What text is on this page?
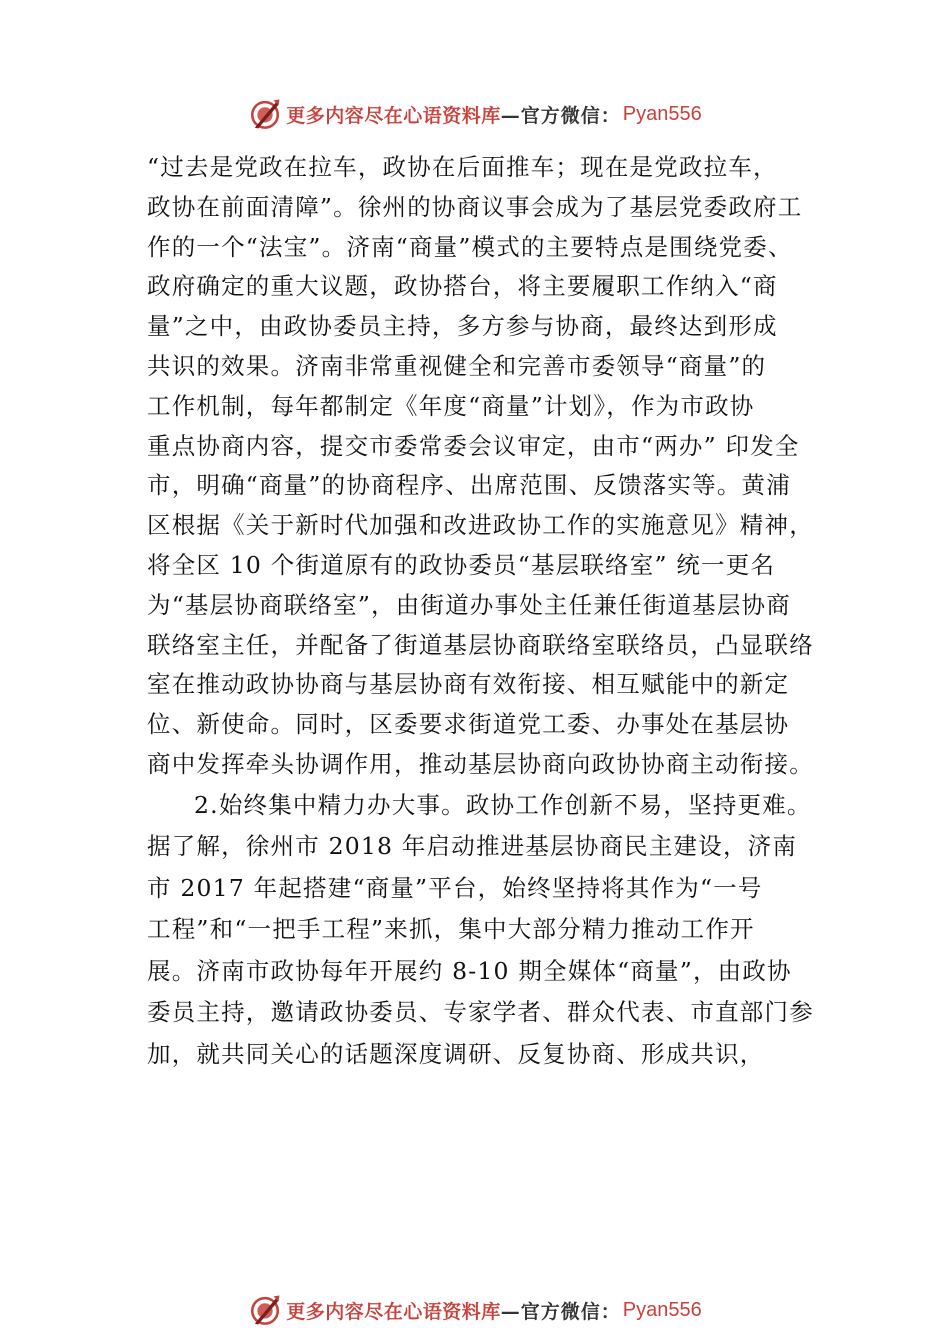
更多内容尽在心语资料库 —官方微信： Pyan556
“过去是党政在拉车，政协在后面推车；现在是党政拉车，
政协在前面清障”。徐州的协商议事会成为了基层党委政府工
作的一个“法宝”。济南“商量”模式的主要特点是围绕党委、
政府确定的重大议题，政协搭台，将主要履职工作纳入“商
量”之中，由政协委员主持，多方参与协商，最终达到形成
共识的效果。济南非常重视健全和完善市委领导“商量”的
工作机制，每年都制定《年度“商量”计划》，作为市政协
重点协商内容，提交市委常委会议审定，由市“两办” 印发全
市，明确“商量”的协商程序、出席范围、反馈落实等。黄浦
区根据《关于新时代加强和改进政协工作的实施意见》精神，
将全区 10 个街道原有的政协委员“基层联络室” 统一更名
为“基层协商联络室”，由街道办事处主任兼任街道基层协商
联络室主任，并配备了街道基层协商联络室联络员，凸显联络
室在推动政协协商与基层协商有效衔接、相互赋能中的新定
位、新使命。同时，区委要求街道党工委、办事处在基层协
商中发挥牵头协调作用，推动基层协商向政协协商主动衔接。
2.始终集中精力办大事。政协工作创新不易，坚持更难。
据了解，徐州市 2018 年启动推进基层协商民主建设，济南
市 2017 年起搭建“商量”平台，始终坚持将其作为“一号
工程”和“一把手工程”来抓，集中大部分精力推动工作开
展。济南市政协每年开展约 8-10 期全媒体“商量”，由政协
委员主持，邀请政协委员、专家学者、群众代表、市直部门参
加，就共同关心的话题深度调研、反复协商、形成共识，
更多内容尽在心语资料库 —官方微信： Pyan556
